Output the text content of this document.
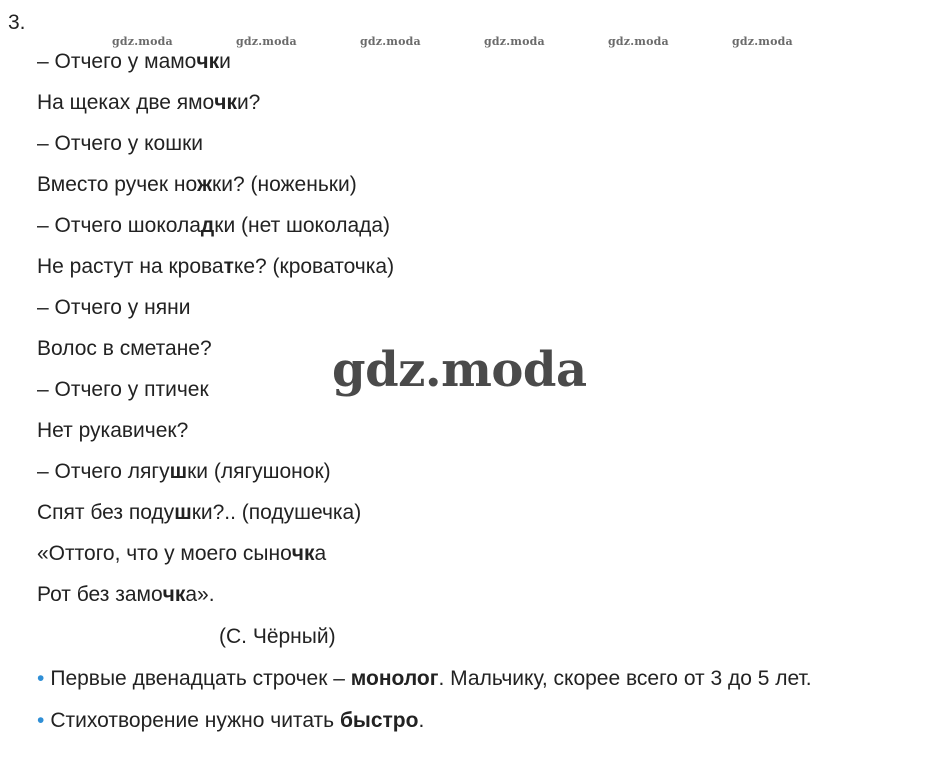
3.
gdz.moda	gdz.moda	gdz.moda	gdz.moda	gdz.moda	gdz.moda
– Отчего у мамочки
На щеках две ямочки?
– Отчего у кошки
Вместо ручек ножки? (ноженьки)
– Отчего шоколадки (нет шоколада)
Не растут на кроватке? (кроваточка)
– Отчего у няни
Волос в сметане?
– Отчего у птичек
Нет рукавичек?
– Отчего лягушки (лягушонок)
Спят без подушки?.. (подушечка)
«Оттого, что у моего сыночка
Рот без замочка».
(С. Чёрный)
• Первые двенадцать строчек – монолог. Мальчику, скорее всего от 3 до 5 лет.
• Стихотворение нужно читать быстро.
gdz.moda
